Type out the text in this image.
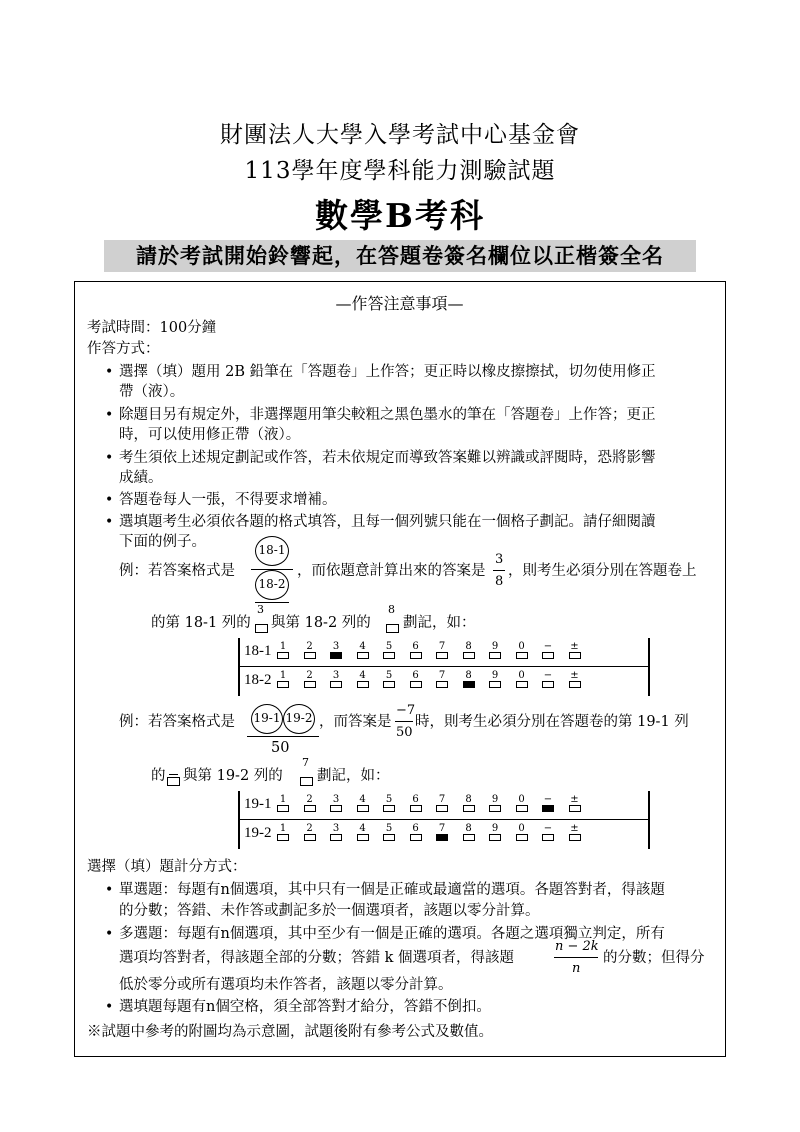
財團法人大學入學考試中心基金會
113學年度學科能力測驗試題
數學B考科
請於考試開始鈴響起，在答題卷簽名欄位以正楷簽全名
—作答注意事項—
考試時間：100分鐘
作答方式：
• 選擇（填）題用 2B 鉛筆在「答題卷」上作答；更正時以橡皮擦擦拭，切勿使用修正
帶（液）。
• 除題目另有規定外，非選擇題用筆尖較粗之黑色墨水的筆在「答題卷」上作答；更正
時，可以使用修正帶（液）。
• 考生須依上述規定劃記或作答，若未依規定而導致答案難以辨識或評閱時，恐將影響
成績。
• 答題卷每人一張，不得要求增補。
• 選填題考生必須依各題的格式填答，且每一個列號只能在一個格子劃記。請仔細閱讀
下面的例子。
例：若答案格式是
18-1
18-2
，而依題意計算出來的答案是
3
8
，則考生必須分別在答題卷上
的第 18-1 列的
3
與第 18-2 列的
8
劃記，如：
18-1 1	2	3	4	5	6	7	8	9	0	− ±
18-2 1	2	3	4	5	6	7	8	9	0	− ±
例：若答案格式是 19-1 19-2
50
，而答案是
−7
50
時，則考生必須分別在答題卷的第 19-1 列
的 與第 19-2 列的
7
劃記，如：
19-1 1	2	3	4	5	6	7	8	9	0	− ±
19-2 1	2	3	4	5	6	7	8	9	0	− ±
選擇（填）題計分方式：
• 單選題：每題有n個選項，其中只有一個是正確或最適當的選項。各題答對者，得該題
的分數；答錯、未作答或劃記多於一個選項者，該題以零分計算。
• 多選題：每題有n個選項，其中至少有一個是正確的選項。各題之選項獨立判定，所有
選項均答對者，得該題全部的分數；答錯 k 個選項者，得該題
n − 2k
n
的分數；但得分
低於零分或所有選項均未作答者，該題以零分計算。
• 選填題每題有n個空格，須全部答對才給分，答錯不倒扣。
※試題中參考的附圖均為示意圖，試題後附有參考公式及數值。
